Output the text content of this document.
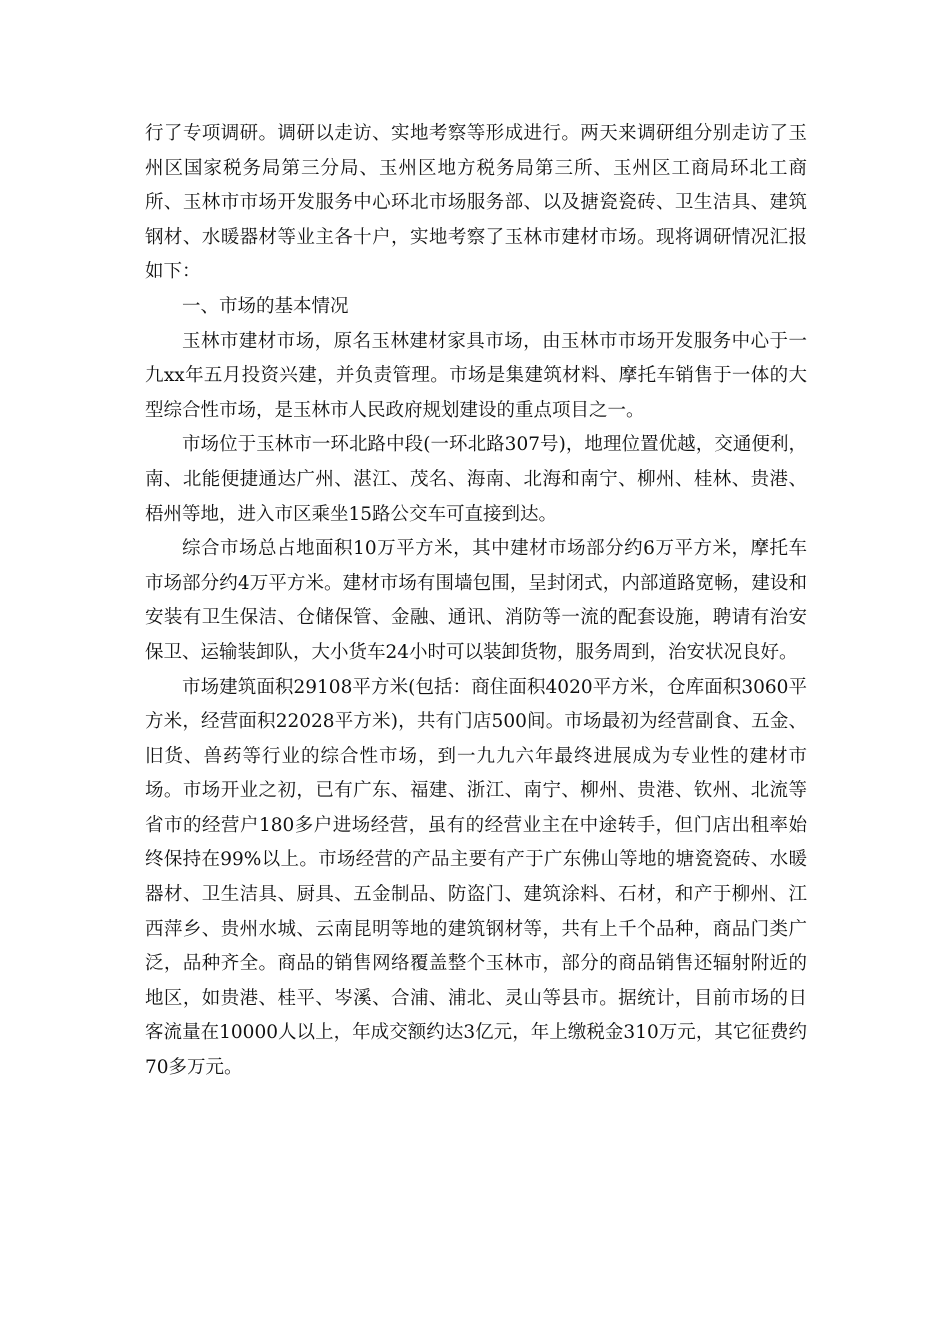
行了专项调研。调研以走访、实地考察等形成进行。两天来调研组分别走访了玉州区国家税务局第三分局、玉州区地方税务局第三所、玉州区工商局环北工商所、玉林市市场开发服务中心环北市场服务部、以及搪瓷瓷砖、卫生洁具、建筑钢材、水暖器材等业主各十户，实地考察了玉林市建材市场。现将调研情况汇报如下：

一、市场的基本情况

玉林市建材市场，原名玉林建材家具市场，由玉林市市场开发服务中心于一九xx年五月投资兴建，并负责管理。市场是集建筑材料、摩托车销售于一体的大型综合性市场，是玉林市人民政府规划建设的重点项目之一。

市场位于玉林市一环北路中段(一环北路307号)，地理位置优越，交通便利，南、北能便捷通达广州、湛江、茂名、海南、北海和南宁、柳州、桂林、贵港、梧州等地，进入市区乘坐15路公交车可直接到达。

综合市场总占地面积10万平方米，其中建材市场部分约6万平方米，摩托车市场部分约4万平方米。建材市场有围墙包围，呈封闭式，内部道路宽畅，建设和安装有卫生保洁、仓储保管、金融、通讯、消防等一流的配套设施，聘请有治安保卫、运输装卸队，大小货车24小时可以装卸货物，服务周到，治安状况良好。

市场建筑面积29108平方米(包括：商住面积4020平方米，仓库面积3060平方米，经营面积22028平方米)，共有门店500间。市场最初为经营副食、五金、旧货、兽药等行业的综合性市场，到一九九六年最终进展成为专业性的建材市场。市场开业之初，已有广东、福建、浙江、南宁、柳州、贵港、钦州、北流等省市的经营户180多户进场经营，虽有的经营业主在中途转手，但门店出租率始终保持在99%以上。市场经营的产品主要有产于广东佛山等地的塘瓷瓷砖、水暖器材、卫生洁具、厨具、五金制品、防盗门、建筑涂料、石材，和产于柳州、江西萍乡、贵州水城、云南昆明等地的建筑钢材等，共有上千个品种，商品门类广泛，品种齐全。商品的销售网络覆盖整个玉林市，部分的商品销售还辐射附近的地区，如贵港、桂平、岑溪、合浦、浦北、灵山等县市。据统计，目前市场的日客流量在10000人以上，年成交额约达3亿元，年上缴税金310万元，其它征费约70多万元。
